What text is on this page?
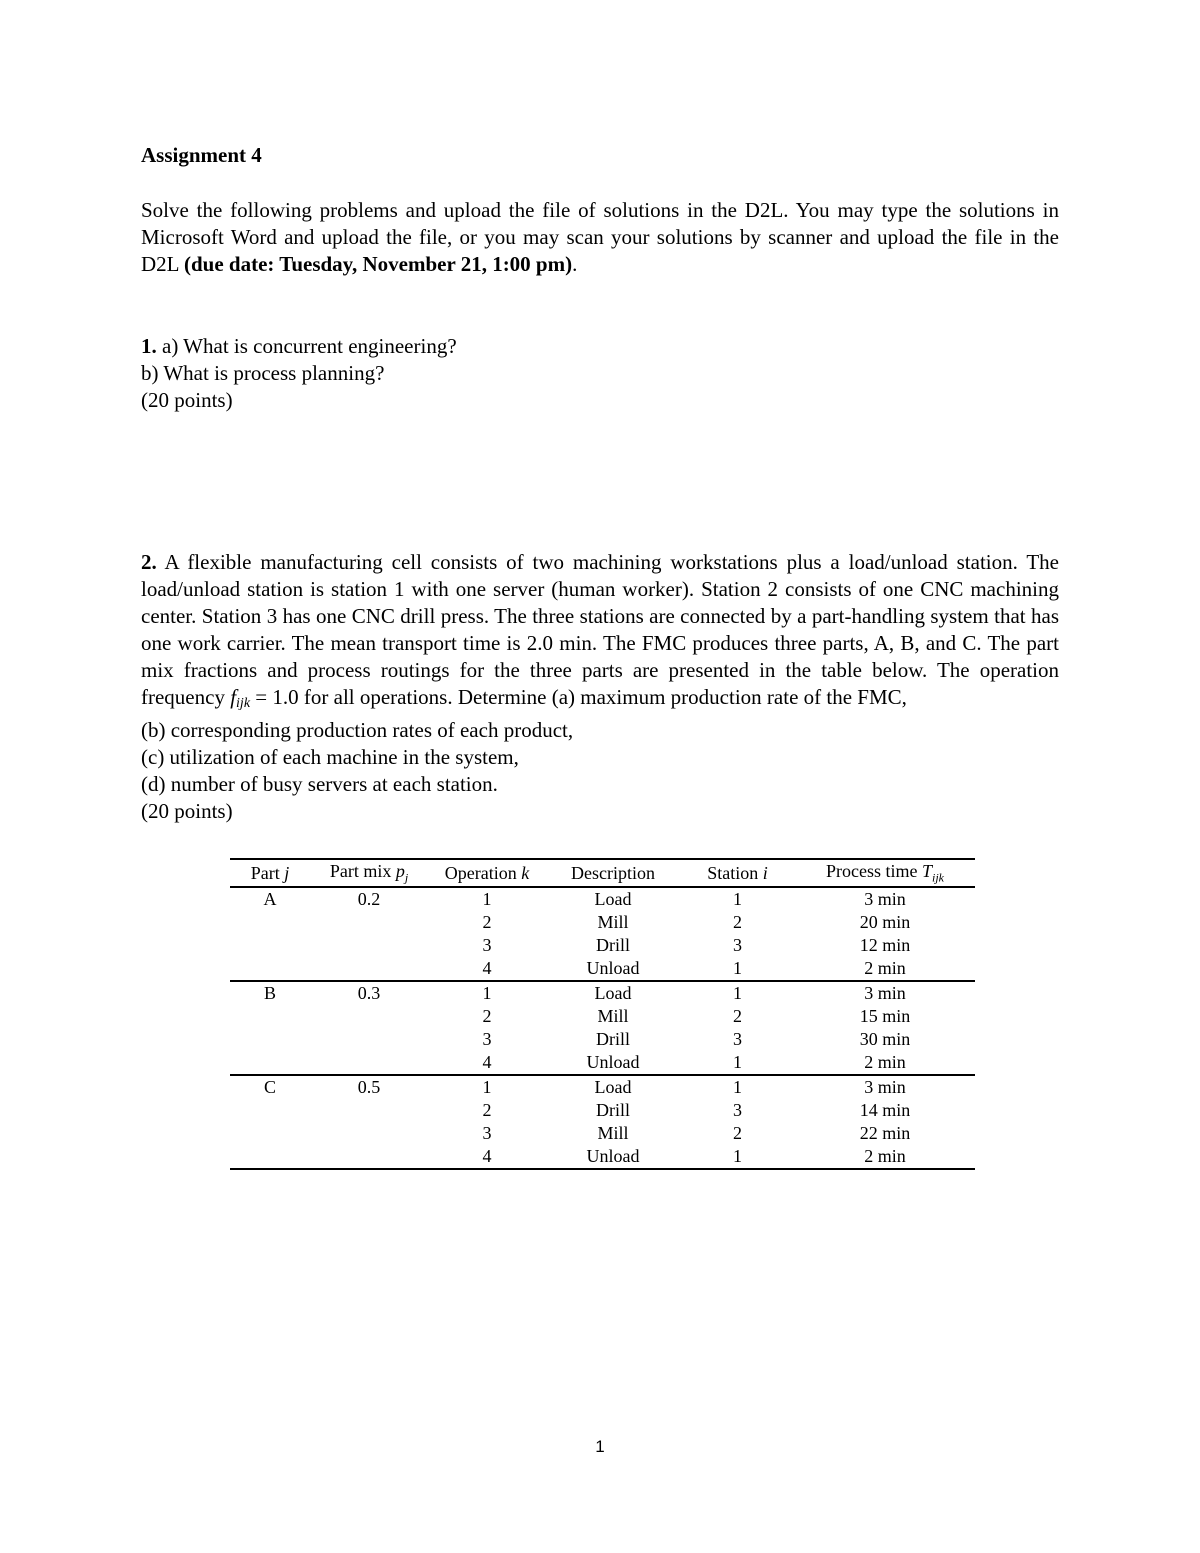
Assignment 4
Solve the following problems and upload the file of solutions in the D2L. You may type the solutions in Microsoft Word and upload the file, or you may scan your solutions by scanner and upload the file in the D2L (due date: Tuesday, November 21, 1:00 pm).
1. a) What is concurrent engineering?
b) What is process planning?
(20 points)
2. A flexible manufacturing cell consists of two machining workstations plus a load/unload station. The load/unload station is station 1 with one server (human worker). Station 2 consists of one CNC machining center. Station 3 has one CNC drill press. The three stations are connected by a part-handling system that has one work carrier. The mean transport time is 2.0 min. The FMC produces three parts, A, B, and C. The part mix fractions and process routings for the three parts are presented in the table below. The operation frequency $f_{ijk} = 1.0$ for all operations. Determine (a) maximum production rate of the FMC,
(b) corresponding production rates of each product,
(c) utilization of each machine in the system,
(d) number of busy servers at each station.
(20 points)
Part j	Part mix $p_j$	Operation k	Description	Station i	Process time $T_{ijk}$
A	0.2	1	Load	1	3 min
		2	Mill	2	20 min
		3	Drill	3	12 min
		4	Unload	1	2 min
B	0.3	1	Load	1	3 min
		2	Mill	2	15 min
		3	Drill	3	30 min
		4	Unload	1	2 min
C	0.5	1	Load	1	3 min
		2	Drill	3	14 min
		3	Mill	2	22 min
		4	Unload	1	2 min
1
